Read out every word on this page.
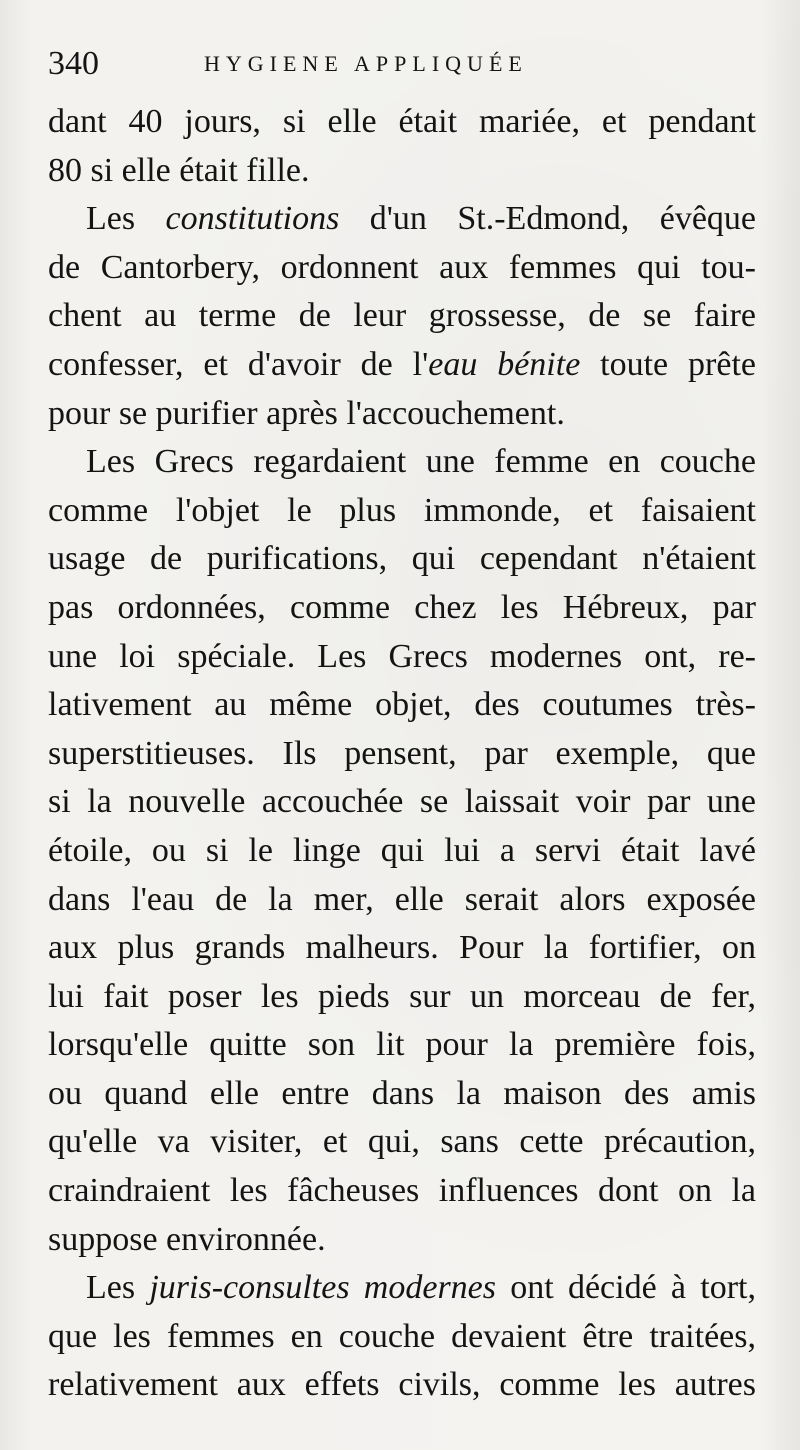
340	HYGIENE APPLIQUÉE
dant 40 jours, si elle était mariée, et pendant
80 si elle était fille.
Les constitutions d'un St.-Edmond, évêque
de Cantorbery, ordonnent aux femmes qui tou-
chent au terme de leur grossesse, de se faire
confesser, et d'avoir de l'eau bénite toute prête
pour se purifier après l'accouchement.
Les Grecs regardaient une femme en couche
comme l'objet le plus immonde, et faisaient
usage de purifications, qui cependant n'étaient
pas ordonnées, comme chez les Hébreux, par
une loi spéciale. Les Grecs modernes ont, re-
lativement au même objet, des coutumes très-
superstitieuses. Ils pensent, par exemple, que
si la nouvelle accouchée se laissait voir par une
étoile, ou si le linge qui lui a servi était lavé
dans l'eau de la mer, elle serait alors exposée
aux plus grands malheurs. Pour la fortifier, on
lui fait poser les pieds sur un morceau de fer,
lorsqu'elle quitte son lit pour la première fois,
ou quand elle entre dans la maison des amis
qu'elle va visiter, et qui, sans cette précaution,
craindraient les fâcheuses influences dont on la
suppose environnée.
Les juris-consultes modernes ont décidé à tort,
que les femmes en couche devaient être traitées,
relativement aux effets civils, comme les autres
